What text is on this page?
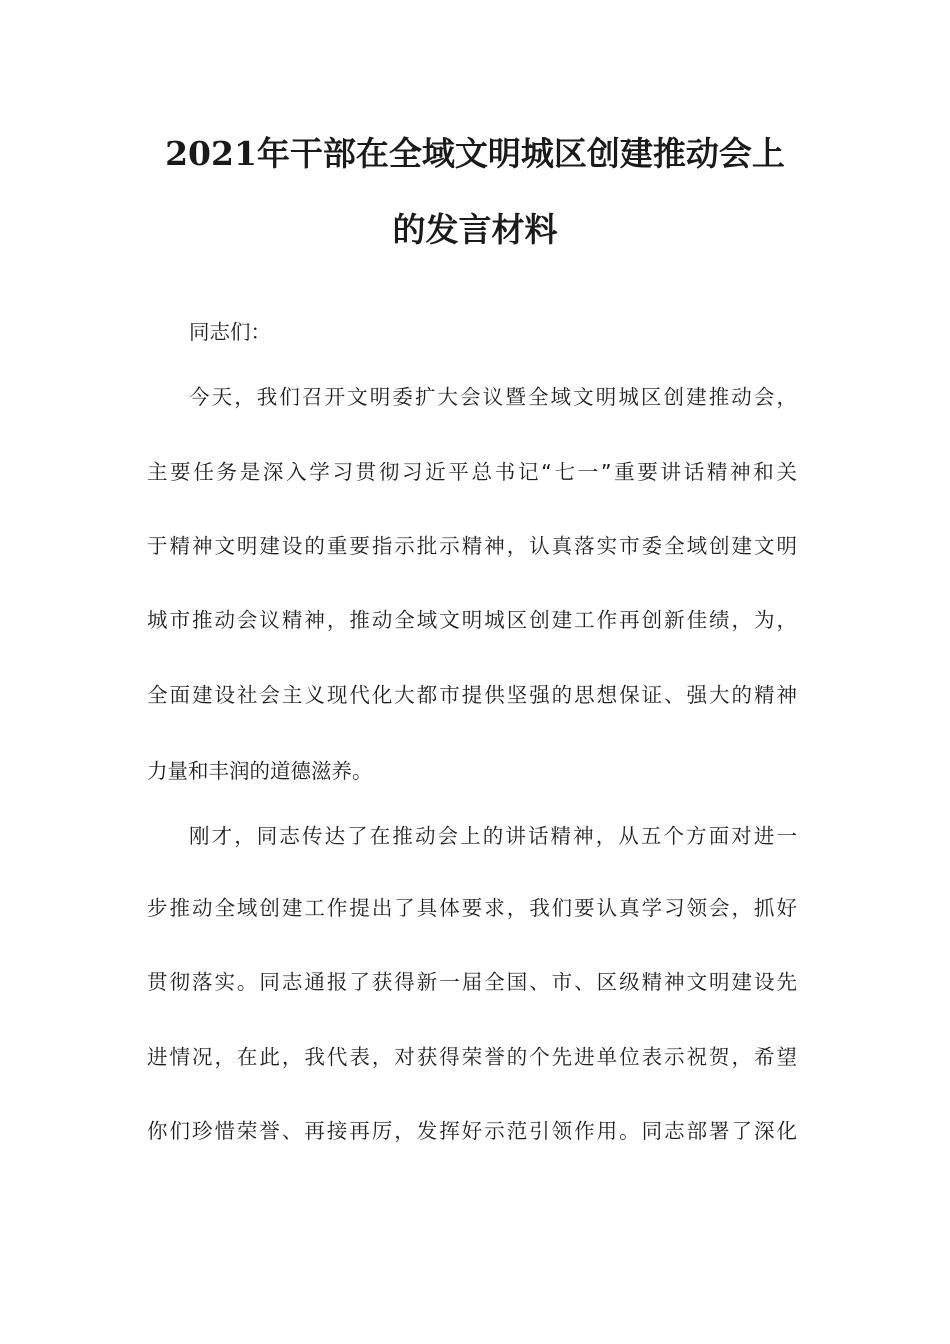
2021年干部在全域文明城区创建推动会上
的发言材料

同志们：

今天，我们召开文明委扩大会议暨全域文明城区创建推动会，

主要任务是深入学习贯彻习近平总书记“七一”重要讲话精神和关

于精神文明建设的重要指示批示精神，认真落实市委全域创建文明

城市推动会议精神，推动全域文明城区创建工作再创新佳绩，为，

全面建设社会主义现代化大都市提供坚强的思想保证、强大的精神

力量和丰润的道德滋养。

刚才，同志传达了在推动会上的讲话精神，从五个方面对进一

步推动全域创建工作提出了具体要求，我们要认真学习领会，抓好

贯彻落实。同志通报了获得新一届全国、市、区级精神文明建设先

进情况，在此，我代表，对获得荣誉的个先进单位表示祝贺，希望

你们珍惜荣誉、再接再厉，发挥好示范引领作用。同志部署了深化
